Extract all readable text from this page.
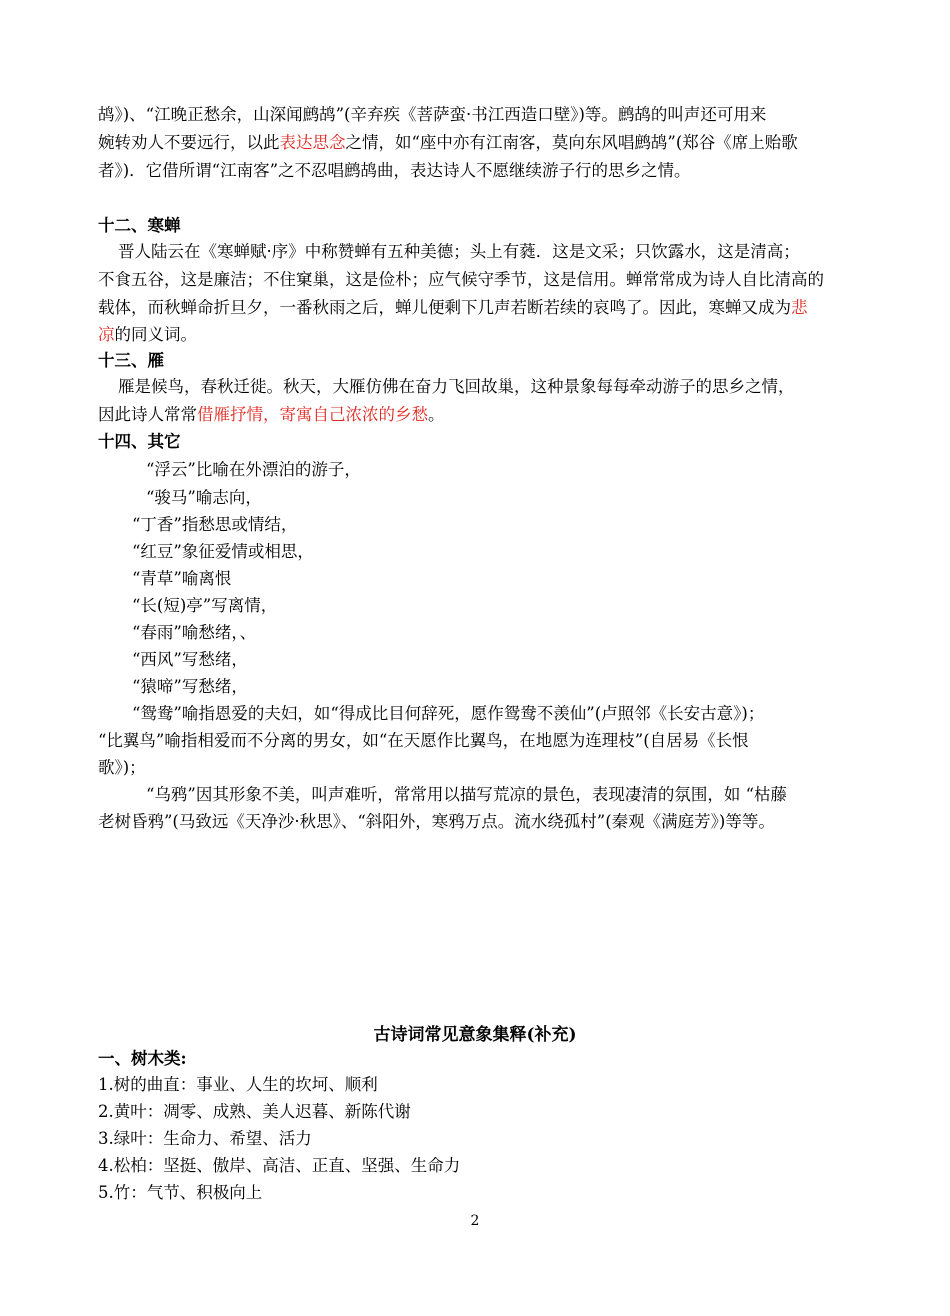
鸪》)、“江晚正愁余，山深闻鹧鸪”(辛弃疾《菩萨蛮·书江西造口壁》)等。鹧鸪的叫声还可用来
婉转劝人不要远行，以此表达思念之情，如“座中亦有江南客，莫向东风唱鹧鸪”(郑谷《席上贻歌
者》)．它借所谓“江南客”之不忍唱鹧鸪曲，表达诗人不愿继续游子行的思乡之情。
十二、寒蝉
晋人陆云在《寒蝉赋·序》中称赞蝉有五种美德；头上有蕤．这是文采；只饮露水，这是清高；
不食五谷，这是廉洁；不住窠巢，这是俭朴；应气候守季节，这是信用。蝉常常成为诗人自比清高的
载体，而秋蝉命折旦夕，一番秋雨之后，蝉儿便剩下几声若断若续的哀鸣了。因此，寒蝉又成为悲
凉的同义词。
十三、雁
雁是候鸟，春秋迁徙。秋天，大雁仿佛在奋力飞回故巢，这种景象每每牵动游子的思乡之情，
因此诗人常常借雁抒情，寄寓自己浓浓的乡愁。
十四、其它
“浮云”比喻在外漂泊的游子，
“骏马”喻志向，
“丁香”指愁思或情结，
“红豆”象征爱情或相思，
“青草”喻离恨
“长(短)亭”写离情，
“春雨”喻愁绪，、
“西风”写愁绪，
“猿啼”写愁绪，
“鸳鸯”喻指恩爱的夫妇，如“得成比目何辞死，愿作鸳鸯不羡仙”(卢照邻《长安古意》)；
“比翼鸟”喻指相爱而不分离的男女，如“在天愿作比翼鸟，在地愿为连理枝”(自居易《长恨
歌》)；
“乌鸦”因其形象不美，叫声难听，常常用以描写荒凉的景色，表现凄清的氛围，如 “枯藤
老树昏鸦”(马致远《天净沙·秋思》、“斜阳外，寒鸦万点。流水绕孤村”(秦观《满庭芳》)等等。
古诗词常见意象集释(补充)
一、树木类:
1.树的曲直：事业、人生的坎坷、顺利
2.黄叶：凋零、成熟、美人迟暮、新陈代谢
3.绿叶：生命力、希望、活力
4.松柏：坚挺、傲岸、高洁、正直、坚强、生命力
5.竹：气节、积极向上
2
